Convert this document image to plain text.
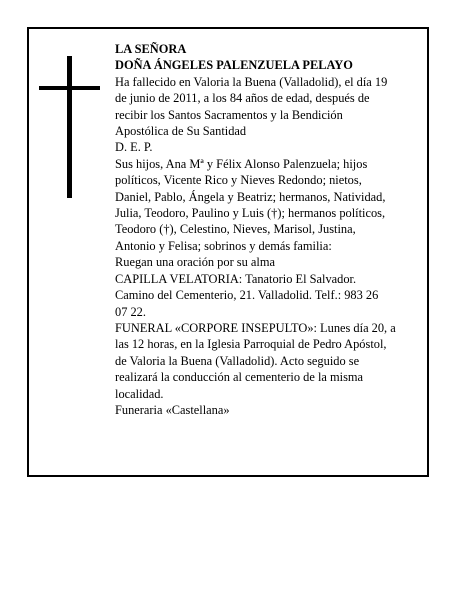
LA SEÑORA
DOÑA ÁNGELES PALENZUELA PELAYO
Ha fallecido en Valoria la Buena (Valladolid), el día 19
de junio de 2011, a los 84 años de edad, después de
recibir los Santos Sacramentos y la Bendición
Apostólica de Su Santidad
D. E. P.
Sus hijos, Ana Mª y Félix Alonso Palenzuela; hijos
políticos, Vicente Rico y Nieves Redondo; nietos,
Daniel, Pablo, Ángela y Beatriz; hermanos, Natividad,
Julia, Teodoro, Paulino y Luis (†); hermanos políticos,
Teodoro (†), Celestino, Nieves, Marisol, Justina,
Antonio y Felisa; sobrinos y demás familia:
Ruegan una oración por su alma
CAPILLA VELATORIA: Tanatorio El Salvador.
Camino del Cementerio, 21. Valladolid. Telf.: 983 26
07 22.
FUNERAL «CORPORE INSEPULTO»: Lunes día 20, a
las 12 horas, en la Iglesia Parroquial de Pedro Apóstol,
de Valoria la Buena (Valladolid). Acto seguido se
realizará la conducción al cementerio de la misma
localidad.
Funeraria «Castellana»
